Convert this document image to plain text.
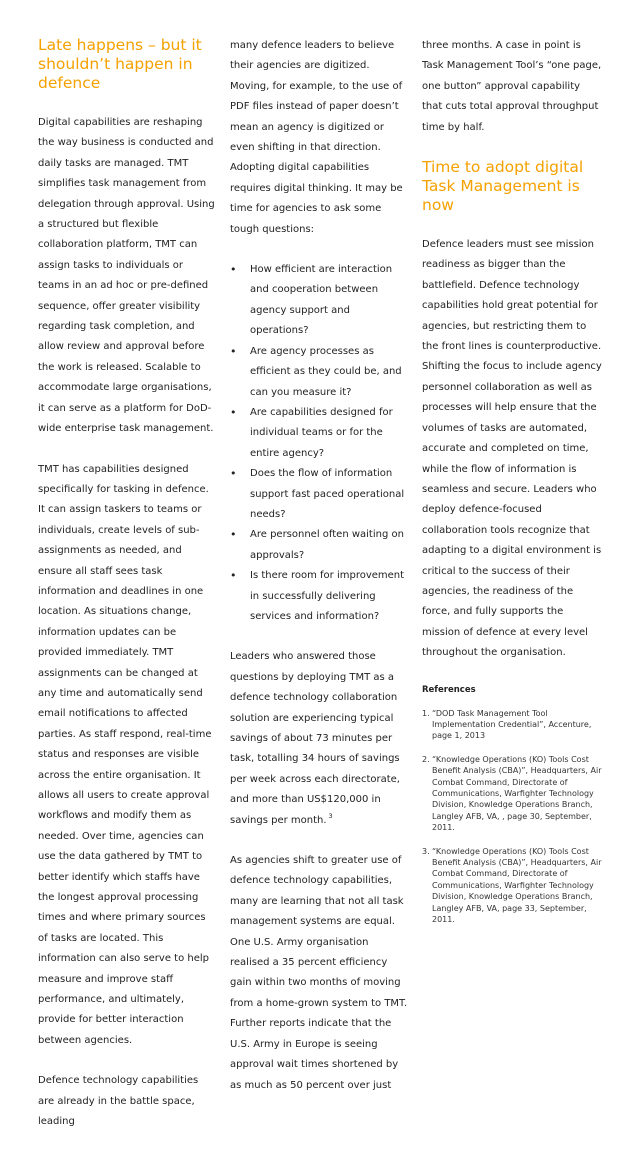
Late happens – but it shouldn’t happen in defence

Digital capabilities are reshaping the way business is conducted and daily tasks are managed. TMT simplifies task management from delegation through approval. Using a structured but flexible collaboration platform, TMT can assign tasks to individuals or teams in an ad hoc or pre-defined sequence, offer greater visibility regarding task completion, and allow review and approval before the work is released. Scalable to accommodate large organisations, it can serve as a platform for DoD-wide enterprise task management.

TMT has capabilities designed specifically for tasking in defence. It can assign taskers to teams or individuals, create levels of sub-assignments as needed, and ensure all staff sees task information and deadlines in one location. As situations change, information updates can be provided immediately. TMT assignments can be changed at any time and automatically send email notifications to affected parties. As staff respond, real-time status and responses are visible across the entire organisation. It allows all users to create approval workflows and modify them as needed. Over time, agencies can use the data gathered by TMT to better identify which staffs have the longest approval processing times and where primary sources of tasks are located. This information can also serve to help measure and improve staff performance, and ultimately, provide for better interaction between agencies.

Defence technology capabilities are already in the battle space, leading

many defence leaders to believe their agencies are digitized. Moving, for example, to the use of PDF files instead of paper doesn’t mean an agency is digitized or even shifting in that direction. Adopting digital capabilities requires digital thinking. It may be time for agencies to ask some tough questions:

• How efficient are interaction and cooperation between agency support and operations?
• Are agency processes as efficient as they could be, and can you measure it?
• Are capabilities designed for individual teams or for the entire agency?
• Does the flow of information support fast paced operational needs?
• Are personnel often waiting on approvals?
• Is there room for improvement in successfully delivering services and information?

Leaders who answered those questions by deploying TMT as a defence technology collaboration solution are experiencing typical savings of about 73 minutes per task, totalling 34 hours of savings per week across each directorate, and more than US$120,000 in savings per month. $^3$

As agencies shift to greater use of defence technology capabilities, many are learning that not all task management systems are equal. One U.S. Army organisation realised a 35 percent efficiency gain within two months of moving from a home-grown system to TMT. Further reports indicate that the U.S. Army in Europe is seeing approval wait times shortened by as much as 50 percent over just

three months. A case in point is Task Management Tool’s “one page, one button” approval capability that cuts total approval throughput time by half.

Time to adopt digital Task Management is now

Defence leaders must see mission readiness as bigger than the battlefield. Defence technology capabilities hold great potential for agencies, but restricting them to the front lines is counterproductive. Shifting the focus to include agency personnel collaboration as well as processes will help ensure that the volumes of tasks are automated, accurate and completed on time, while the flow of information is seamless and secure. Leaders who deploy defence-focused collaboration tools recognize that adapting to a digital environment is critical to the success of their agencies, the readiness of the force, and fully supports the mission of defence at every level throughout the organisation.

References
1. “DOD Task Management Tool Implementation Credential”, Accenture, page 1, 2013
2. “Knowledge Operations (KO) Tools Cost Benefit Analysis (CBA)”, Headquarters, Air Combat Command, Directorate of Communications, Warfighter Technology Division, Knowledge Operations Branch, Langley AFB, VA, , page 30, September, 2011.
3. “Knowledge Operations (KO) Tools Cost Benefit Analysis (CBA)”, Headquarters, Air Combat Command, Directorate of Communications, Warfighter Technology Division, Knowledge Operations Branch, Langley AFB, VA, page 33, September, 2011.
